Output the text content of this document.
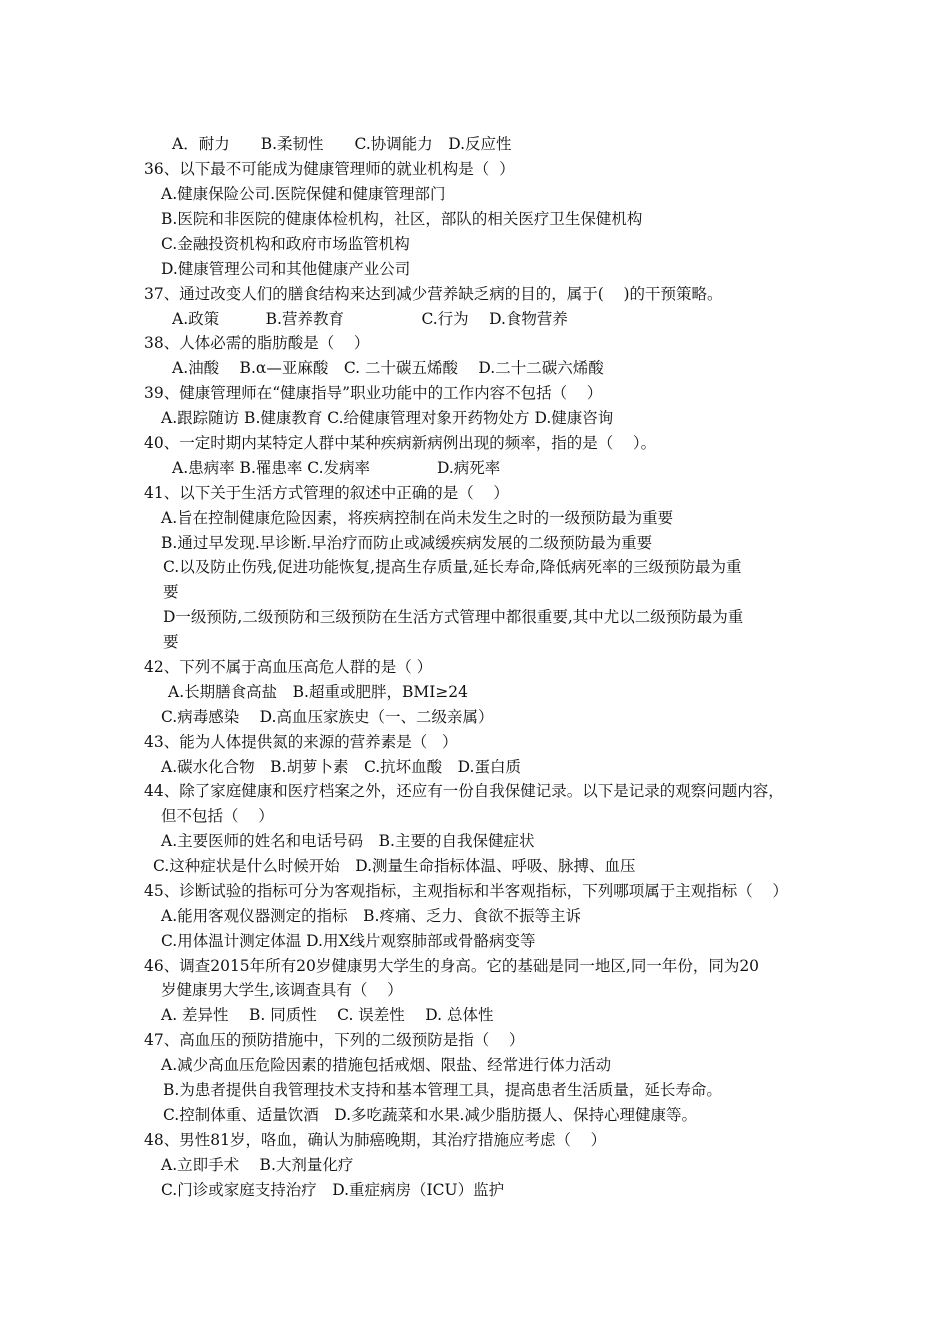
A．耐力　　B.柔韧性　　C.协调能力　D.反应性
36、以下最不可能成为健康管理师的就业机构是（  ）
A.健康保险公司.医院保健和健康管理部门
B.医院和非医院的健康体检机构，社区，部队的相关医疗卫生保健机构
C.金融投资机构和政府市场监管机构
D.健康管理公司和其他健康产业公司
37、通过改变人们的膳食结构来达到减少营养缺乏病的目的，属于(    )的干预策略。
A.政策　　　B.营养教育　　　　　C.行为　 D.食物营养
38、人体必需的脂肪酸是（    ）
A.油酸　 B.α—亚麻酸　C. 二十碳五烯酸　 D.二十二碳六烯酸
39、健康管理师在“健康指导”职业功能中的工作内容不包括（    ）
A.跟踪随访 B.健康教育 C.给健康管理对象开药物处方 D.健康咨询
40、一定时期内某特定人群中某种疾病新病例出现的频率，指的是（    ）。
A.患病率 B.罹患率 C.发病率　　　　 D.病死率
41、以下关于生活方式管理的叙述中正确的是（    ）
A.旨在控制健康危险因素，将疾病控制在尚未发生之时的一级预防最为重要
B.通过早发现.早诊断.早治疗而防止或减缓疾病发展的二级预防最为重要
C.以及防止伤残,促进功能恢复,提高生存质量,延长寿命,降低病死率的三级预防最为重
要
D一级预防,二级预防和三级预防在生活方式管理中都很重要,其中尤以二级预防最为重
要
42、下列不属于高血压高危人群的是（ ）
A.长期膳食高盐　B.超重或肥胖，BMI≥24
C.病毒感染　 D.高血压家族史（一、二级亲属）
43、能为人体提供氮的来源的营养素是（   ）
A.碳水化合物　B.胡萝卜素　C.抗坏血酸　D.蛋白质
44、除了家庭健康和医疗档案之外，还应有一份自我保健记录。以下是记录的观察问题内容，
但不包括（    ）
A.主要医师的姓名和电话号码　B.主要的自我保健症状
C.这种症状是什么时候开始　D.测量生命指标体温、呼吸、脉搏、血压
45、诊断试验的指标可分为客观指标，主观指标和半客观指标，下列哪项属于主观指标（    ）
A.能用客观仪器测定的指标　B.疼痛、乏力、食欲不振等主诉
C.用体温计测定体温 D.用X线片观察肺部或骨骼病变等
46、调查2015年所有20岁健康男大学生的身高。它的基础是同一地区,同一年份，同为20
岁健康男大学生,该调查具有（    ）
A. 差异性　 B. 同质性　 C. 误差性　 D. 总体性
47、高血压的预防措施中，下列的二级预防是指（    ）
A.减少高血压危险因素的措施包括戒烟、限盐、经常进行体力活动
B.为患者提供自我管理技术支持和基本管理工具，提高患者生活质量，延长寿命。
C.控制体重、适量饮酒　D.多吃蔬菜和水果.减少脂肪摄人、保持心理健康等。
48、男性81岁，咯血，确认为肺癌晚期，其治疗措施应考虑（    ）
A.立即手术　 B.大剂量化疗
C.门诊或家庭支持治疗　D.重症病房（ICU）监护
